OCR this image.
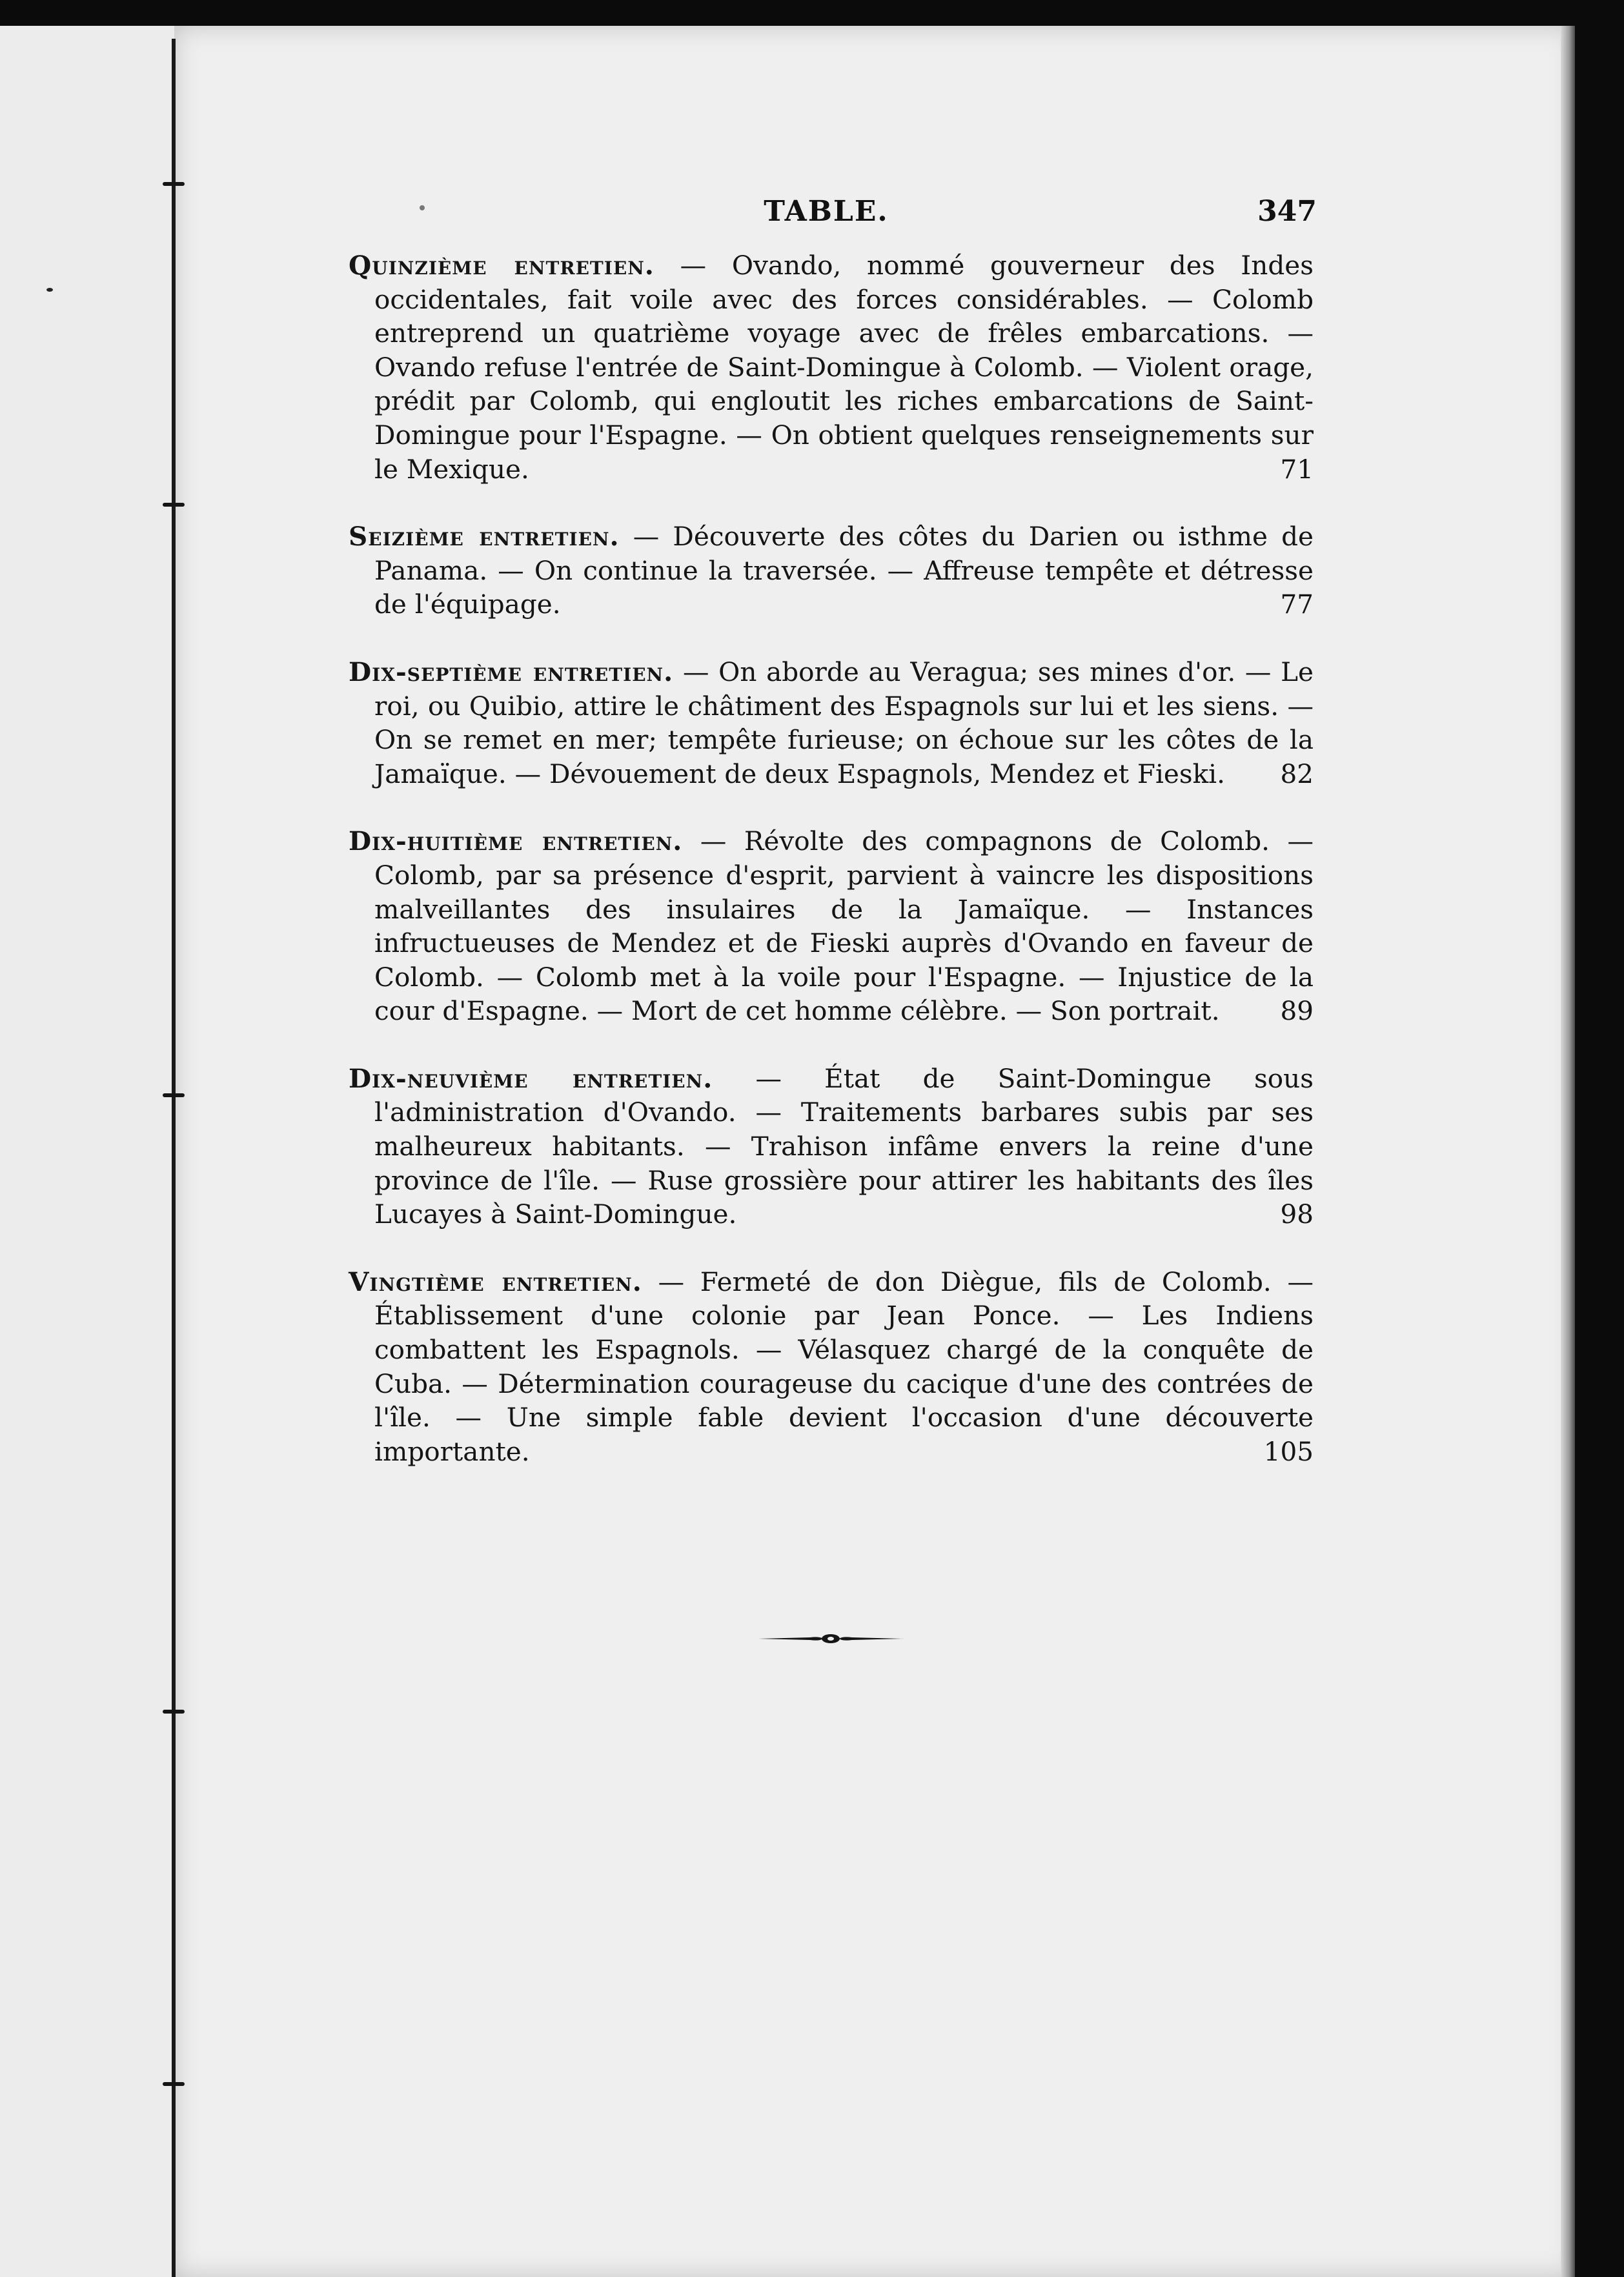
TABLE.	347

Quinzième entretien. — Ovando, nommé gouverneur des Indes occidentales, fait voile avec des forces considérables. — Colomb entreprend un quatrième voyage avec de frêles embarcations. — Ovando refuse l'entrée de Saint-Domingue à Colomb. — Violent orage, prédit par Colomb, qui engloutit les riches embarcations de Saint-Domingue pour l'Espagne. — On obtient quelques renseignements sur le Mexique.	71

Seizième entretien. — Découverte des côtes du Darien ou isthme de Panama. — On continue la traversée. — Affreuse tempête et détresse de l'équipage.	77

Dix-septième entretien. — On aborde au Veragua; ses mines d'or. — Le roi, ou Quibio, attire le châtiment des Espagnols sur lui et les siens. — On se remet en mer; tempête furieuse; on échoue sur les côtes de la Jamaïque. — Dévouement de deux Espagnols, Mendez et Fieski. 82

Dix-huitième entretien. — Révolte des compagnons de Colomb. — Colomb, par sa présence d'esprit, parvient à vaincre les dispositions malveillantes des insulaires de la Jamaïque. — Instances infructueuses de Mendez et de Fieski auprès d'Ovando en faveur de Colomb. — Colomb met à la voile pour l'Espagne. — Injustice de la cour d'Espagne. — Mort de cet homme célèbre. — Son portrait. 89

Dix-neuvième entretien. — État de Saint-Domingue sous l'administration d'Ovando. — Traitements barbares subis par ses malheureux habitants. — Trahison infâme envers la reine d'une province de l'île. — Ruse grossière pour attirer les habitants des îles Lucayes à Saint-Domingue.	98

Vingtième entretien. — Fermeté de don Diègue, fils de Colomb. — Établissement d'une colonie par Jean Ponce. — Les Indiens combattent les Espagnols. — Vélasquez chargé de la conquête de Cuba. — Détermination courageuse du cacique d'une des contrées de l'île. — Une simple fable devient l'occasion d'une découverte importante.	105
